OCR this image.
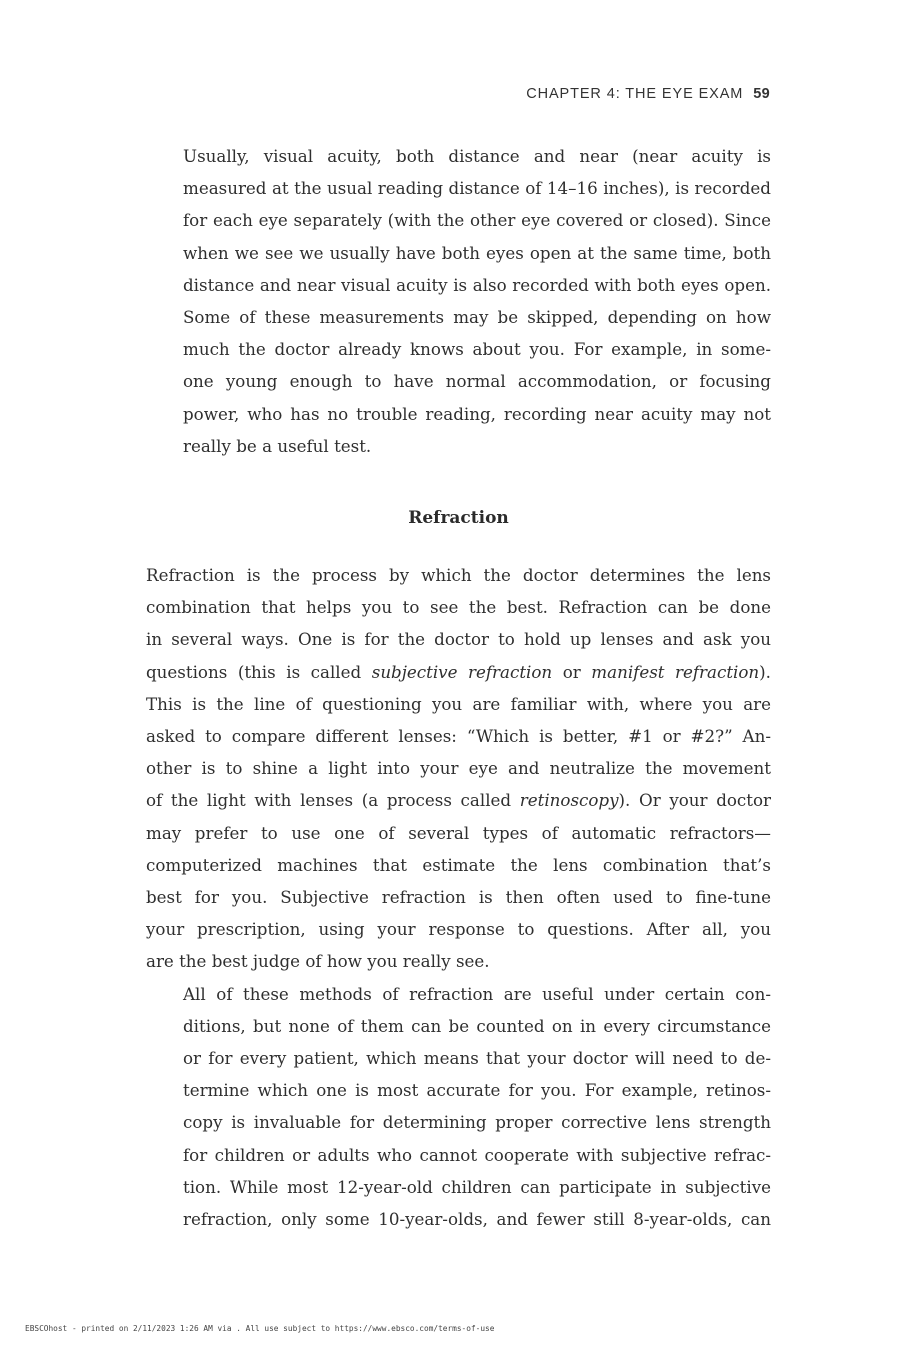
CHAPTER 4: THE EYE EXAM 59

Usually, visual acuity, both distance and near (near acuity is
measured at the usual reading distance of 14–16 inches), is recorded
for each eye separately (with the other eye covered or closed). Since
when we see we usually have both eyes open at the same time, both
distance and near visual acuity is also recorded with both eyes open.
Some of these measurements may be skipped, depending on how
much the doctor already knows about you. For example, in some-
one young enough to have normal accommodation, or focusing
power, who has no trouble reading, recording near acuity may not
really be a useful test.

Refraction

Refraction is the process by which the doctor determines the lens
combination that helps you to see the best. Refraction can be done
in several ways. One is for the doctor to hold up lenses and ask you
questions (this is called subjective refraction or manifest refraction).
This is the line of questioning you are familiar with, where you are
asked to compare different lenses: “Which is better, #1 or #2?” An-
other is to shine a light into your eye and neutralize the movement
of the light with lenses (a process called retinoscopy). Or your doctor
may prefer to use one of several types of automatic refractors—
computerized machines that estimate the lens combination that’s
best for you. Subjective refraction is then often used to fine-tune
your prescription, using your response to questions. After all, you
are the best judge of how you really see.

All of these methods of refraction are useful under certain con-
ditions, but none of them can be counted on in every circumstance
or for every patient, which means that your doctor will need to de-
termine which one is most accurate for you. For example, retinos-
copy is invaluable for determining proper corrective lens strength
for children or adults who cannot cooperate with subjective refrac-
tion. While most 12-year-old children can participate in subjective
refraction, only some 10-year-olds, and fewer still 8-year-olds, can

EBSCOhost - printed on 2/11/2023 1:26 AM via . All use subject to https://www.ebsco.com/terms-of-use
